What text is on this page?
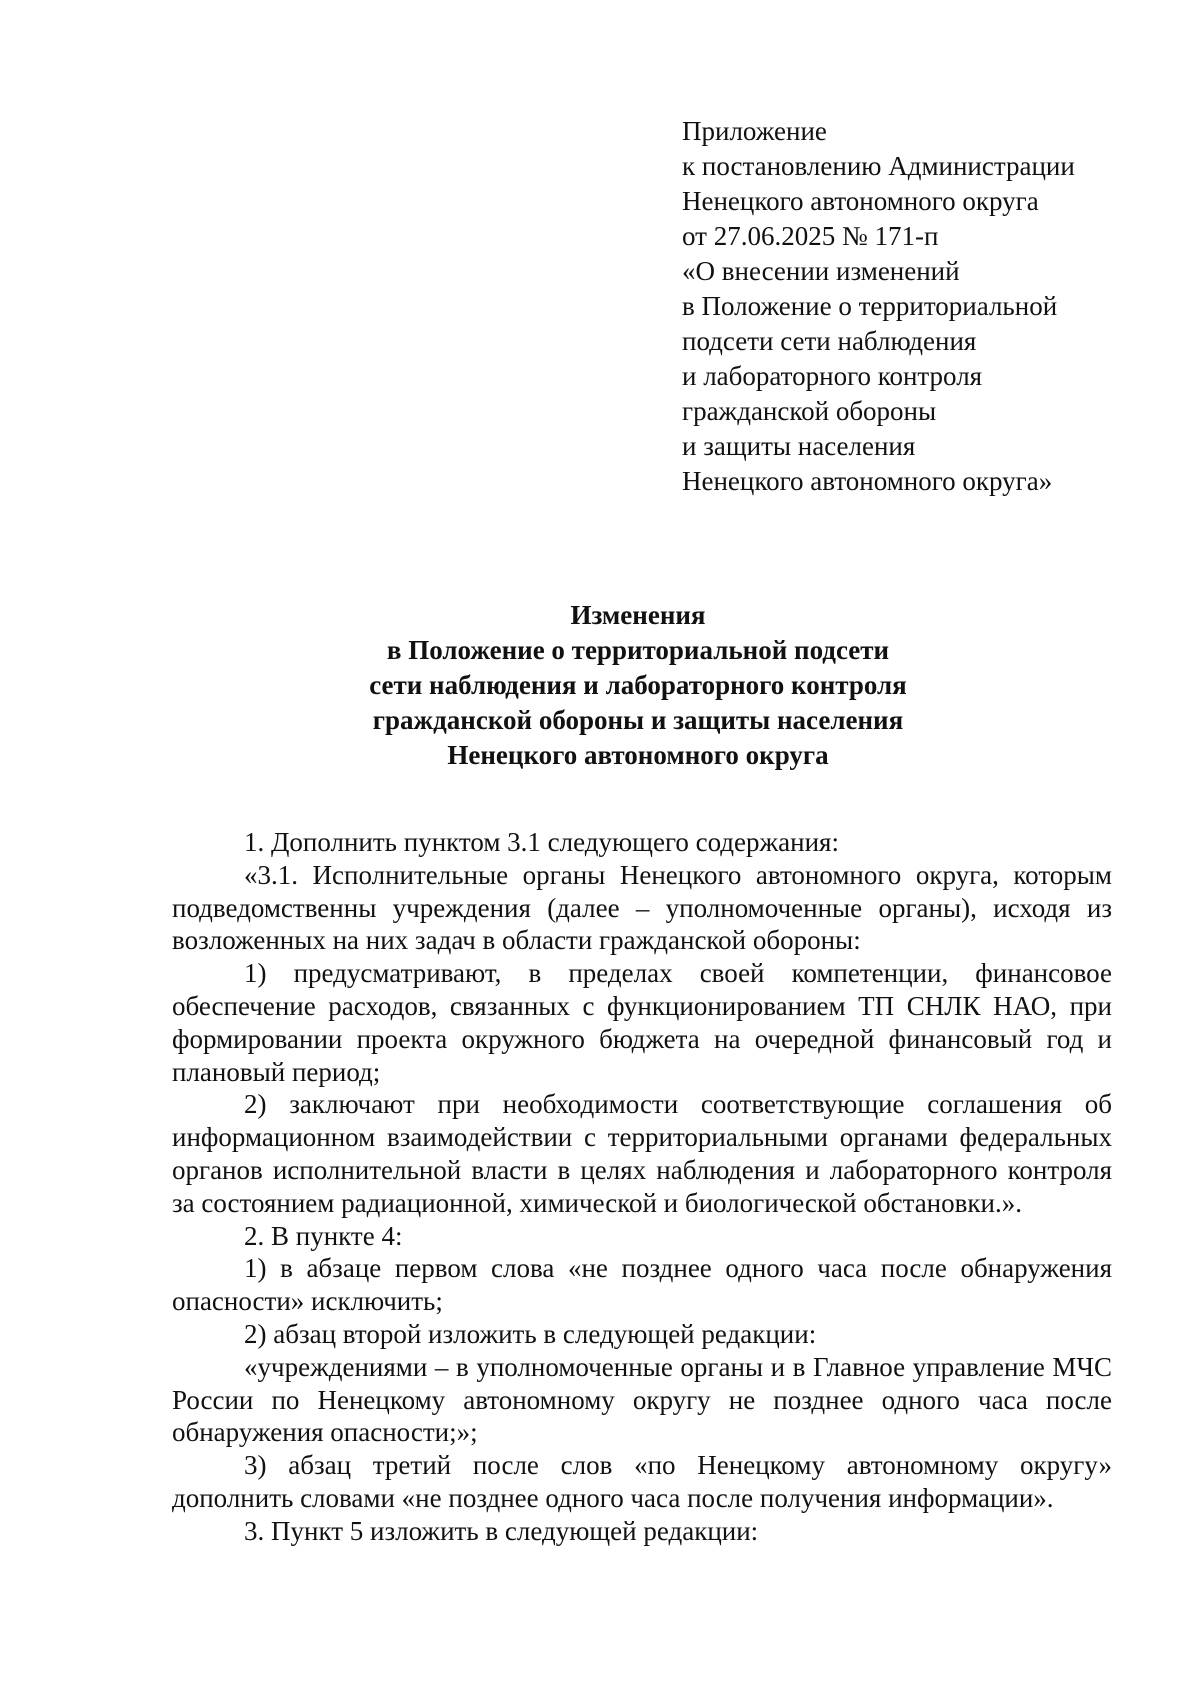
Приложение
к постановлению Администрации
Ненецкого автономного округа
от 27.06.2025 № 171-п
«О внесении изменений
в Положение о территориальной
подсети сети наблюдения
и лабораторного контроля
гражданской обороны
и защиты населения
Ненецкого автономного округа»
Изменения
в Положение о территориальной подсети
сети наблюдения и лабораторного контроля
гражданской обороны и защиты населения
Ненецкого автономного округа

1. Дополнить пунктом 3.1 следующего содержания:

«3.1. Исполнительные органы Ненецкого автономного округа, которым подведомственны учреждения (далее – уполномоченные органы), исходя из возложенных на них задач в области гражданской обороны:

1) предусматривают, в пределах своей компетенции, финансовое обеспечение расходов, связанных с функционированием ТП СНЛК НАО, при формировании проекта окружного бюджета на очередной финансовый год и плановый период;

2) заключают при необходимости соответствующие соглашения об информационном взаимодействии с территориальными органами федеральных органов исполнительной власти в целях наблюдения и лабораторного контроля за состоянием радиационной, химической и биологической обстановки.».

2. В пункте 4:

1) в абзаце первом слова «не позднее одного часа после обнаружения опасности» исключить;

2) абзац второй изложить в следующей редакции:

«учреждениями – в уполномоченные органы и в Главное управление МЧС России по Ненецкому автономному округу не позднее одного часа после обнаружения опасности;»;

3) абзац третий после слов «по Ненецкому автономному округу» дополнить словами «не позднее одного часа после получения информации».

3. Пункт 5 изложить в следующей редакции:
